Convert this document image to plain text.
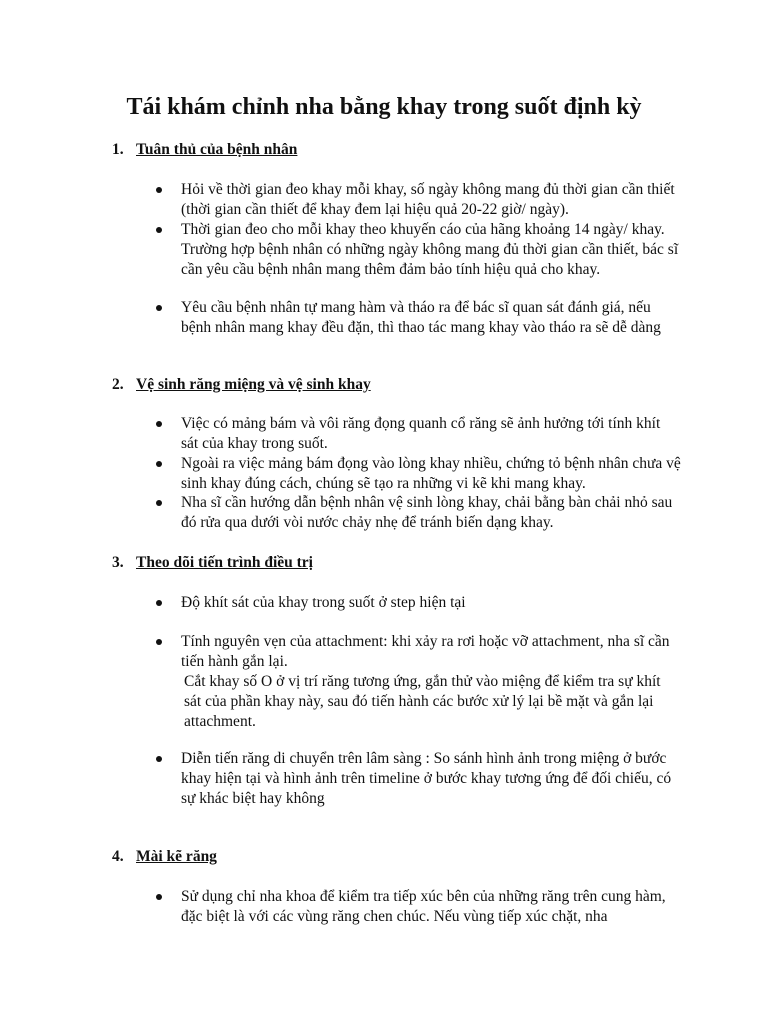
Tái khám chỉnh nha bằng khay trong suốt định kỳ
1. Tuân thủ của bệnh nhân

Hỏi về thời gian đeo khay mỗi khay, số ngày không mang đủ thời gian cần thiết (thời gian cần thiết để khay đem lại hiệu quả 20-22 giờ/ ngày).

Thời gian đeo cho mỗi khay theo khuyến cáo của hãng khoảng 14 ngày/ khay. Trường hợp bệnh nhân có những ngày không mang đủ thời gian cần thiết, bác sĩ cần yêu cầu bệnh nhân mang thêm đảm bảo tính hiệu quả cho khay.

Yêu cầu bệnh nhân tự mang hàm và tháo ra để bác sĩ quan sát đánh giá, nếu bệnh nhân mang khay đều đặn, thì thao tác mang khay vào tháo ra sẽ dễ dàng

2. Vệ sinh răng miệng và vệ sinh khay

Việc có mảng bám và vôi răng đọng quanh cổ răng sẽ ảnh hưởng tới tính khít sát của khay trong suốt.

Ngoài ra việc mảng bám đọng vào lòng khay nhiều, chứng tỏ bệnh nhân chưa vệ sinh khay đúng cách, chúng sẽ tạo ra những vi kẽ khi mang khay.

Nha sĩ cần hướng dẫn bệnh nhân vệ sinh lòng khay, chải bằng bàn chải nhỏ sau đó rửa qua dưới vòi nước chảy nhẹ để tránh biến dạng khay.

3. Theo dõi tiến trình điều trị

Độ khít sát của khay trong suốt ở step hiện tại

Tính nguyên vẹn của attachment: khi xảy ra rơi hoặc vỡ attachment, nha sĩ cần tiến hành gắn lại.

Cắt khay số O ở vị trí răng tương ứng, gắn thử vào miệng để kiểm tra sự khít sát của phần khay này, sau đó tiến hành các bước xử lý lại bề mặt và gắn lại attachment.

Diễn tiến răng di chuyển trên lâm sàng : So sánh hình ảnh trong miệng ở bước khay hiện tại và hình ảnh trên timeline ở bước khay tương ứng để đối chiếu, có sự khác biệt hay không

4. Mài kẽ răng

Sử dụng chỉ nha khoa để kiểm tra tiếp xúc bên của những răng trên cung hàm, đặc biệt là với các vùng răng chen chúc. Nếu vùng tiếp xúc chặt, nha
